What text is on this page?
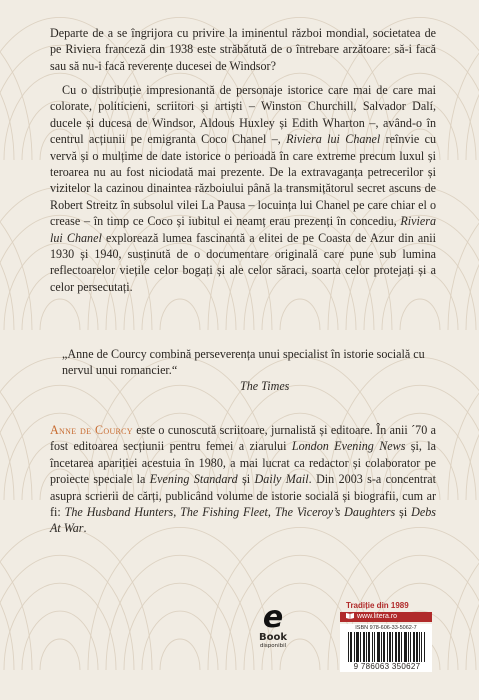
Departe de a se îngrijora cu privire la iminentul război mondial, societatea de pe Riviera franceză din 1938 este străbătută de o întrebare arzătoare: să-i facă sau să nu-i facă reverențe ducesei de Windsor?

Cu o distribuție impresionantă de personaje istorice care mai de care mai colorate, politicieni, scriitori și artiști – Winston Churchill, Salvador Dalí, ducele și ducesa de Windsor, Aldous Huxley și Edith Wharton –, având-o în centrul acțiunii pe emigranta Coco Chanel –, Riviera lui Chanel reînvie cu vervă și o mulțime de date istorice o perioadă în care extreme precum luxul și teroarea nu au fost niciodată mai prezente. De la extravaganța petrecerilor și vizitelor la cazinou dinaintea războiului până la transmițătorul secret ascuns de Robert Streitz în subsolul vilei La Pausa – locuința lui Chanel pe care chiar el o crease – în timp ce Coco și iubitul ei neamț erau prezenți în concediu, Riviera lui Chanel explorează lumea fascinantă a elitei de pe Coasta de Azur din anii 1930 și 1940, susținută de o documentare originală care pune sub lumina reflectoarelor viețile celor bogați și ale celor săraci, soarta celor protejați și a celor persecutați.

„Anne de Courcy combină perseverența unui specialist în istorie socială cu nervul unui romancier.“

The Times

Anne de Courcy este o cunoscută scriitoare, jurnalistă și editoare. În anii ´70 a fost editoarea secțiunii pentru femei a ziarului London Evening News și, la încetarea apariției acestuia în 1980, a mai lucrat ca redactor și colaborator pe proiecte speciale la Evening Standard și Daily Mail. Din 2003 s-a concentrat asupra scrierii de cărți, publicând volume de istorie socială și biografii, cum ar fi: The Husband Hunters, The Fishing Fleet, The Viceroy’s Daughters și Debs At War.

e
Book
disponibil

Tradiție din 1989

www.litera.ro
ISBN 978-606-33-5062-7
9 786063 350627
